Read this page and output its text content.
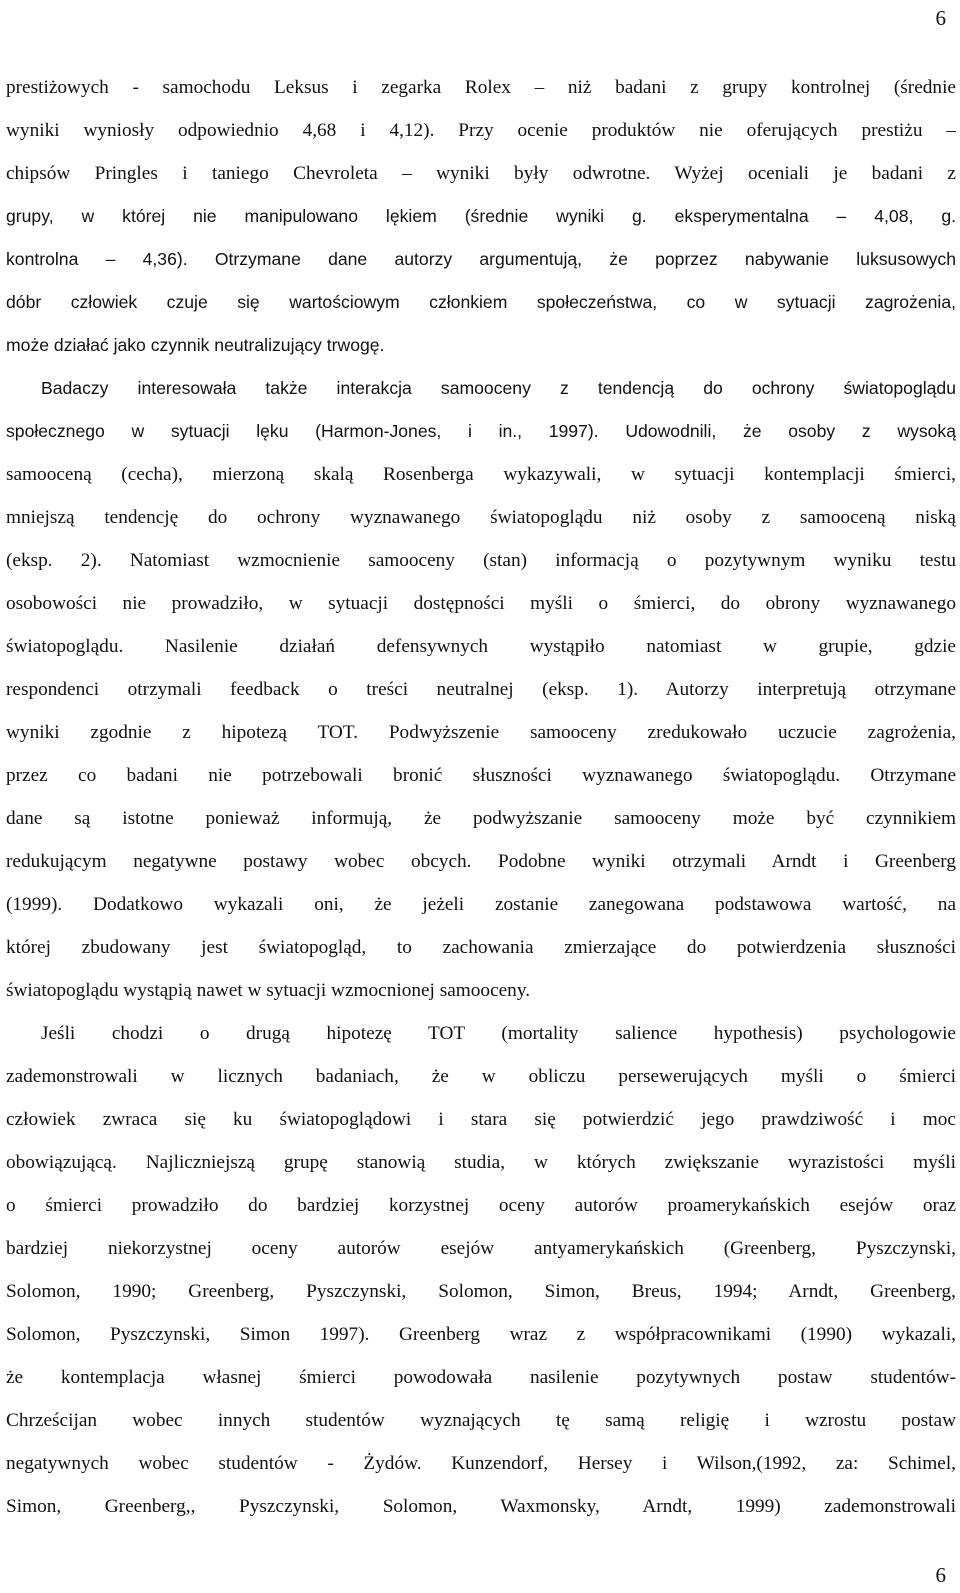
6
prestiżowych - samochodu Leksus i zegarka Rolex – niż badani z grupy kontrolnej (średnie
wyniki wyniosły odpowiednio 4,68 i 4,12). Przy ocenie produktów nie oferujących prestiżu –
chipsów Pringles i taniego Chevroleta – wyniki były odwrotne. Wyżej oceniali je badani z
grupy, w której nie manipulowano lękiem (średnie wyniki g. eksperymentalna – 4,08, g.
kontrolna – 4,36). Otrzymane dane autorzy argumentują, że poprzez nabywanie luksusowych
dóbr człowiek czuje się wartościowym członkiem społeczeństwa, co w sytuacji zagrożenia,
może działać jako czynnik neutralizujący trwogę.
Badaczy interesowała także interakcja samooceny z tendencją do ochrony światopoglądu
społecznego w sytuacji lęku (Harmon-Jones, i in., 1997). Udowodnili, że osoby z wysoką
samooceną (cecha), mierzoną skalą Rosenberga wykazywali, w sytuacji kontemplacji śmierci,
mniejszą tendencję do ochrony wyznawanego światopoglądu niż osoby z samooceną niską
(eksp. 2). Natomiast wzmocnienie samooceny (stan) informacją o pozytywnym wyniku testu
osobowości nie prowadziło, w sytuacji dostępności myśli o śmierci, do obrony wyznawanego
światopoglądu. Nasilenie działań defensywnych wystąpiło natomiast w grupie, gdzie
respondenci otrzymali feedback o treści neutralnej (eksp. 1). Autorzy interpretują otrzymane
wyniki zgodnie z hipotezą TOT. Podwyższenie samooceny zredukowało uczucie zagrożenia,
przez co badani nie potrzebowali bronić słuszności wyznawanego światopoglądu. Otrzymane
dane są istotne ponieważ informują, że podwyższanie samooceny może być czynnikiem
redukującym negatywne postawy wobec obcych. Podobne wyniki otrzymali Arndt i Greenberg
(1999). Dodatkowo wykazali oni, że jeżeli zostanie zanegowana podstawowa wartość, na
której zbudowany jest światopogląd, to zachowania zmierzające do potwierdzenia słuszności
światopoglądu wystąpią nawet w sytuacji wzmocnionej samooceny.
Jeśli chodzi o drugą hipotezę TOT (mortality salience hypothesis) psychologowie
zademonstrowali w licznych badaniach, że w obliczu persewerujących myśli o śmierci
człowiek zwraca się ku światopoglądowi i stara się potwierdzić jego prawdziwość i moc
obowiązującą. Najliczniejszą grupę stanowią studia, w których zwiększanie wyrazistości myśli
o śmierci prowadziło do bardziej korzystnej oceny autorów proamerykańskich esejów oraz
bardziej niekorzystnej oceny autorów esejów antyamerykańskich (Greenberg, Pyszczynski,
Solomon, 1990; Greenberg, Pyszczynski, Solomon, Simon, Breus, 1994; Arndt, Greenberg,
Solomon, Pyszczynski, Simon 1997). Greenberg wraz z współpracownikami (1990) wykazali,
że kontemplacja własnej śmierci powodowała nasilenie pozytywnych postaw studentów-
Chrześcijan wobec innych studentów wyznających tę samą religię i wzrostu postaw
negatywnych wobec studentów - Żydów. Kunzendorf, Hersey i Wilson,(1992, za: Schimel,
Simon, Greenberg,, Pyszczynski, Solomon, Waxmonsky, Arndt, 1999) zademonstrowali
6
